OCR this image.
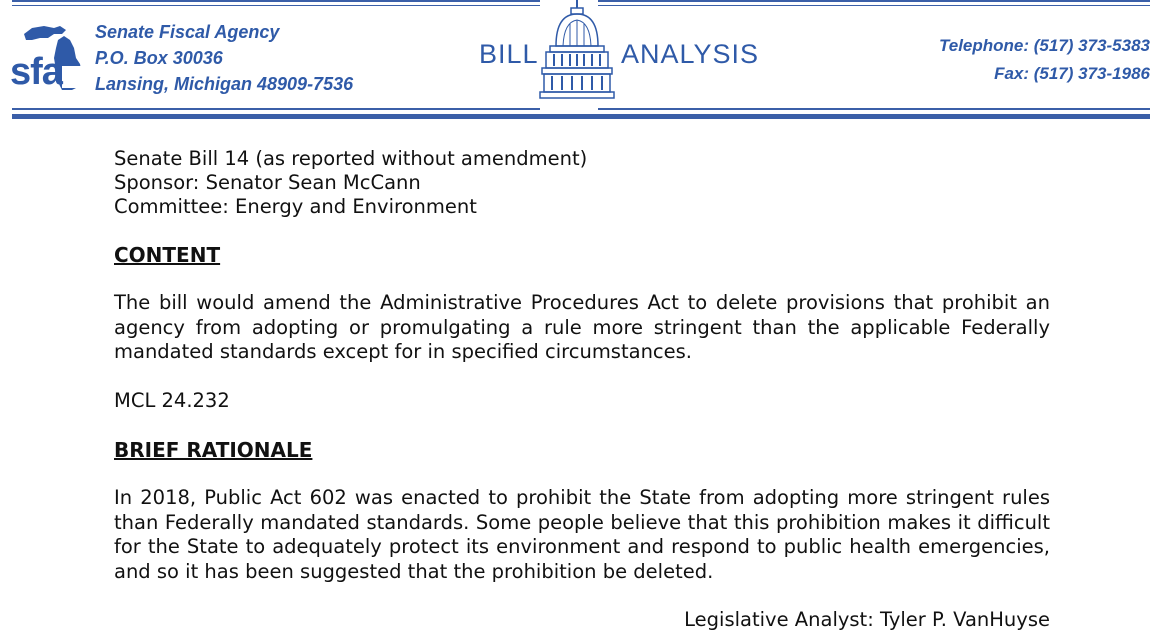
sfa
Senate Fiscal Agency
P.O. Box 30036
Lansing, Michigan 48909-7536
BILL	ANALYSIS	Telephone: (517) 373-5383
Fax: (517) 373-1986
Senate Bill 14 (as reported without amendment)
Sponsor: Senator Sean McCann
Committee: Energy and Environment
CONTENT
The bill would amend the Administrative Procedures Act to delete provisions that prohibit an agency from adopting or promulgating a rule more stringent than the applicable Federally mandated standards except for in specified circumstances.
MCL 24.232
BRIEF RATIONALE
In 2018, Public Act 602 was enacted to prohibit the State from adopting more stringent rules than Federally mandated standards. Some people believe that this prohibition makes it difficult for the State to adequately protect its environment and respond to public health emergencies, and so it has been suggested that the prohibition be deleted.
Legislative Analyst: Tyler P. VanHuyse
